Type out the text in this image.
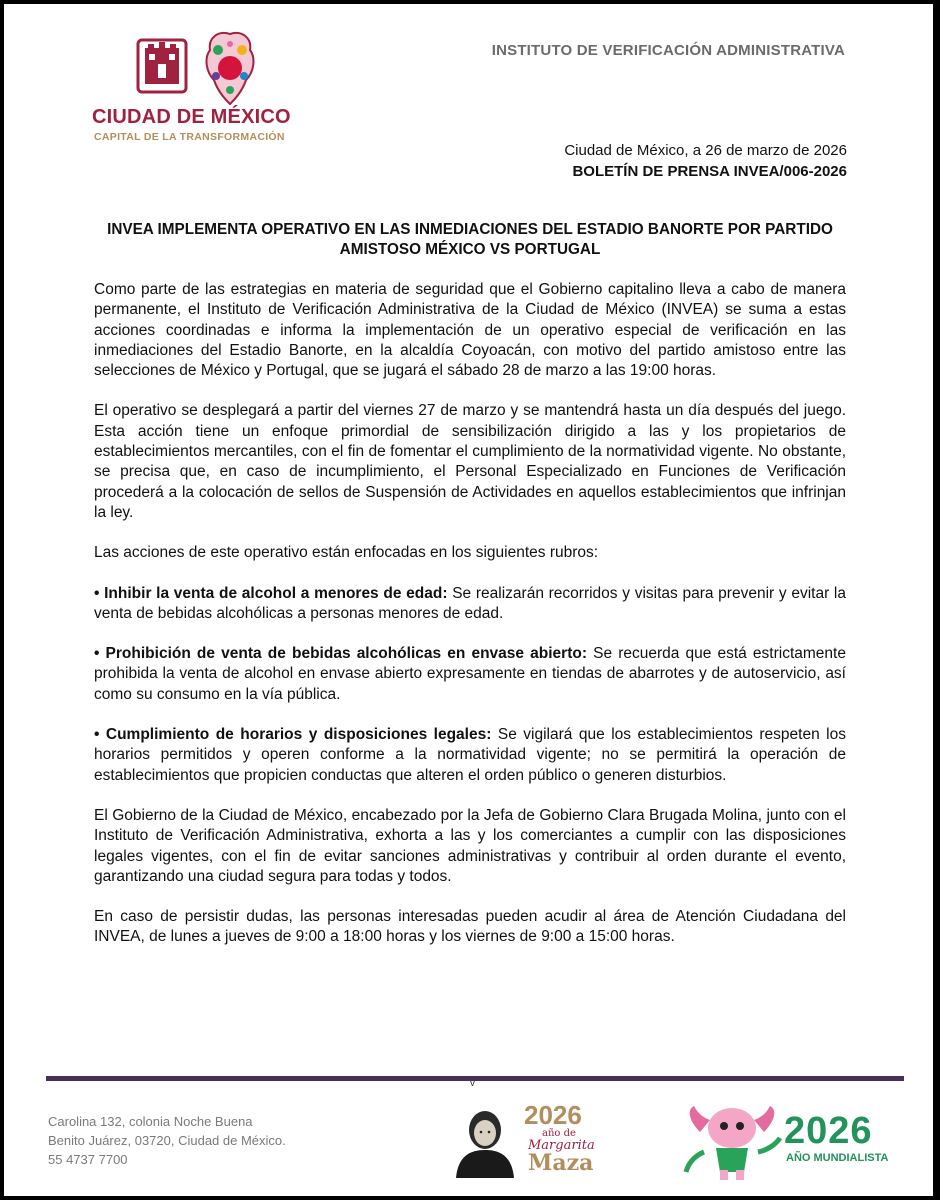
CIUDAD DE MÉXICO
CAPITAL DE LA TRANSFORMACIÓN
INSTITUTO DE VERIFICACIÓN ADMINISTRATIVA
Ciudad de México, a 26 de marzo de 2026
BOLETÍN DE PRENSA INVEA/006-2026
INVEA IMPLEMENTA OPERATIVO EN LAS INMEDIACIONES DEL ESTADIO BANORTE POR PARTIDO
AMISTOSO MÉXICO VS PORTUGAL

Como parte de las estrategias en materia de seguridad que el Gobierno capitalino lleva a cabo de manera permanente, el Instituto de Verificación Administrativa de la Ciudad de México (INVEA) se suma a estas acciones coordinadas e informa la implementación de un operativo especial de verificación en las inmediaciones del Estadio Banorte, en la alcaldía Coyoacán, con motivo del partido amistoso entre las selecciones de México y Portugal, que se jugará el sábado 28 de marzo a las 19:00 horas.

El operativo se desplegará a partir del viernes 27 de marzo y se mantendrá hasta un día después del juego. Esta acción tiene un enfoque primordial de sensibilización dirigido a las y los propietarios de establecimientos mercantiles, con el fin de fomentar el cumplimiento de la normatividad vigente. No obstante, se precisa que, en caso de incumplimiento, el Personal Especializado en Funciones de Verificación procederá a la colocación de sellos de Suspensión de Actividades en aquellos establecimientos que infrinjan la ley.

Las acciones de este operativo están enfocadas en los siguientes rubros:

• Inhibir la venta de alcohol a menores de edad: Se realizarán recorridos y visitas para prevenir y evitar la venta de bebidas alcohólicas a personas menores de edad.

• Prohibición de venta de bebidas alcohólicas en envase abierto: Se recuerda que está estrictamente prohibida la venta de alcohol en envase abierto expresamente en tiendas de abarrotes y de autoservicio, así como su consumo en la vía pública.

• Cumplimiento de horarios y disposiciones legales: Se vigilará que los establecimientos respeten los horarios permitidos y operen conforme a la normatividad vigente; no se permitirá la operación de establecimientos que propicien conductas que alteren el orden público o generen disturbios.

El Gobierno de la Ciudad de México, encabezado por la Jefa de Gobierno Clara Brugada Molina, junto con el Instituto de Verificación Administrativa, exhorta a las y los comerciantes a cumplir con las disposiciones legales vigentes, con el fin de evitar sanciones administrativas y contribuir al orden durante el evento, garantizando una ciudad segura para todas y todos.

En caso de persistir dudas, las personas interesadas pueden acudir al área de Atención Ciudadana del INVEA, de lunes a jueves de 9:00 a 18:00 horas y los viernes de 9:00 a 15:00 horas.

v
Carolina 132, colonia Noche Buena
Benito Juárez, 03720, Ciudad de México.
55 4737 7700
2026
año de
Margarita
Maza
2026
AÑO MUNDIALISTA
